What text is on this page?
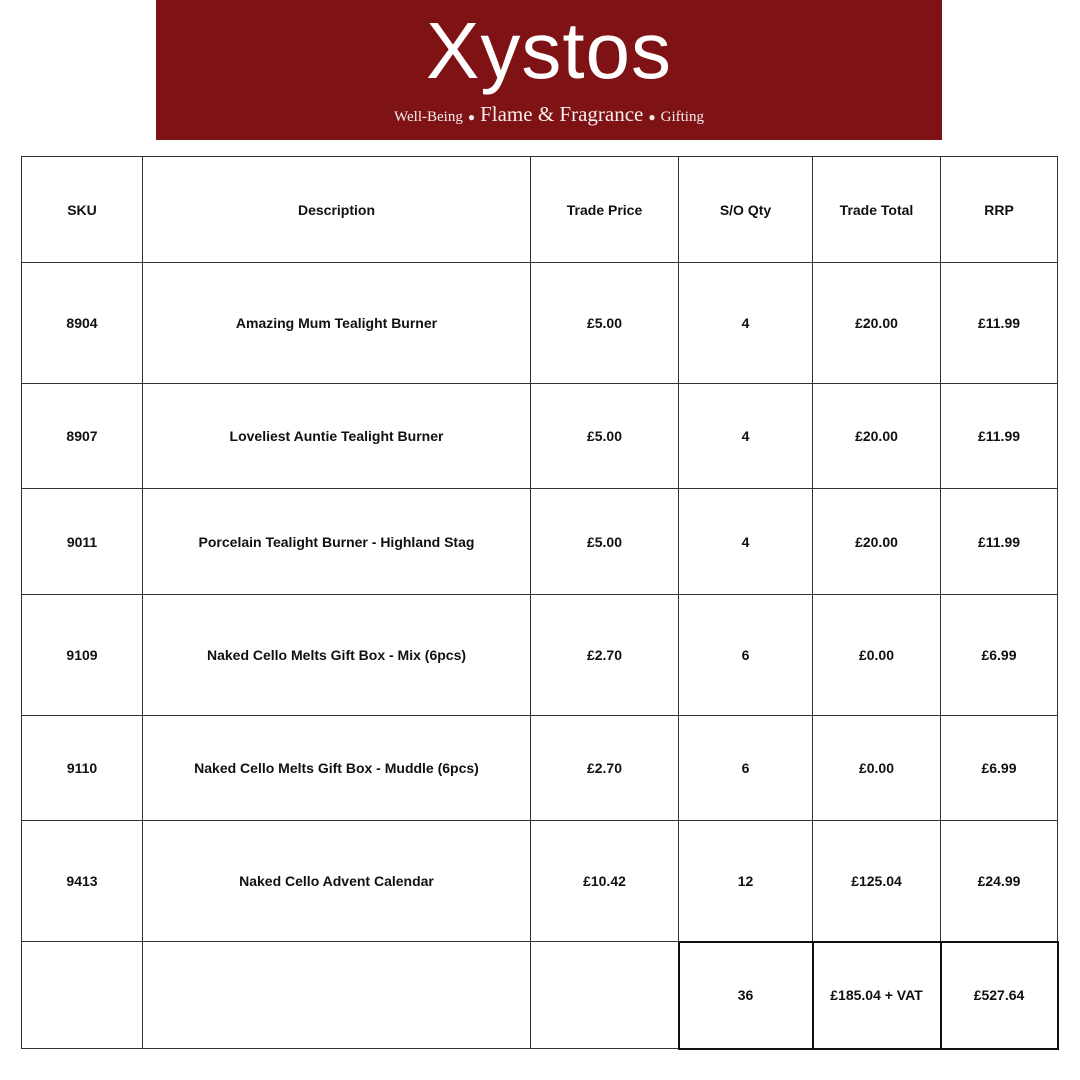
Xystos
Well-Being ● Flame & Fragrance ● Gifting
SKU	Description	Trade Price	S/O Qty	Trade Total	RRP
8904	Amazing Mum Tealight Burner	£5.00	4	£20.00	£11.99
8907	Loveliest Auntie Tealight Burner	£5.00	4	£20.00	£11.99
9011	Porcelain Tealight Burner - Highland Stag	£5.00	4	£20.00	£11.99
9109	Naked Cello Melts Gift Box - Mix (6pcs)	£2.70	6	£0.00	£6.99
9110	Naked Cello Melts Gift Box - Muddle (6pcs)	£2.70	6	£0.00	£6.99
9413	Naked Cello Advent Calendar	£10.42	12	£125.04	£24.99
			36	£185.04 + VAT	£527.64
